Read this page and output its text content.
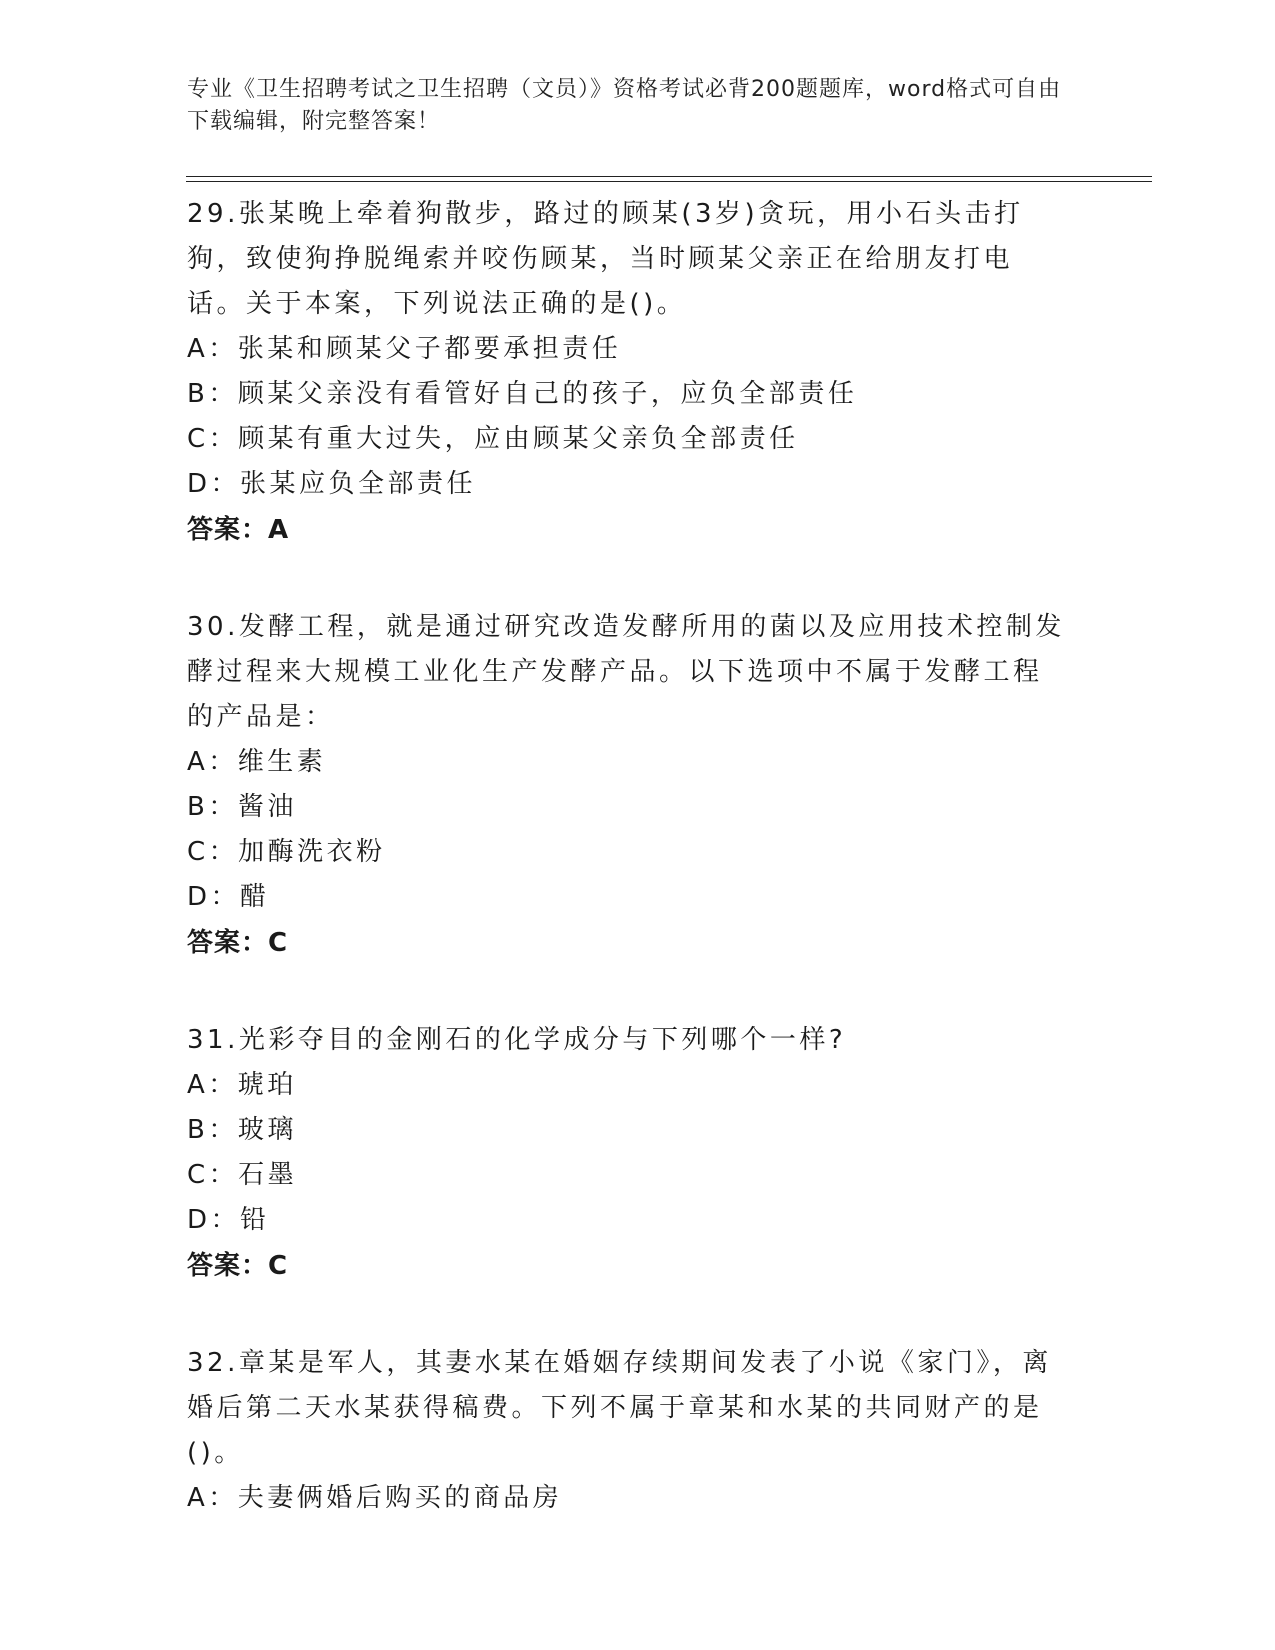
专业《卫生招聘考试之卫生招聘（文员）》资格考试必背200题题库，word格式可自由下载编辑，附完整答案！

29.张某晚上牵着狗散步，路过的顾某(3岁)贪玩，用小石头击打狗，致使狗挣脱绳索并咬伤顾某，当时顾某父亲正在给朋友打电话。关于本案，下列说法正确的是()。

A：张某和顾某父子都要承担责任

B：顾某父亲没有看管好自己的孩子，应负全部责任

C：顾某有重大过失，应由顾某父亲负全部责任

D：张某应负全部责任

答案：A

30.发酵工程，就是通过研究改造发酵所用的菌以及应用技术控制发酵过程来大规模工业化生产发酵产品。以下选项中不属于发酵工程的产品是：

A：维生素

B：酱油

C：加酶洗衣粉

D：醋

答案：C

31.光彩夺目的金刚石的化学成分与下列哪个一样?

A：琥珀

B：玻璃

C：石墨

D：铅

答案：C

32.章某是军人，其妻水某在婚姻存续期间发表了小说《家门》，离婚后第二天水某获得稿费。下列不属于章某和水某的共同财产的是()。

A：夫妻俩婚后购买的商品房
